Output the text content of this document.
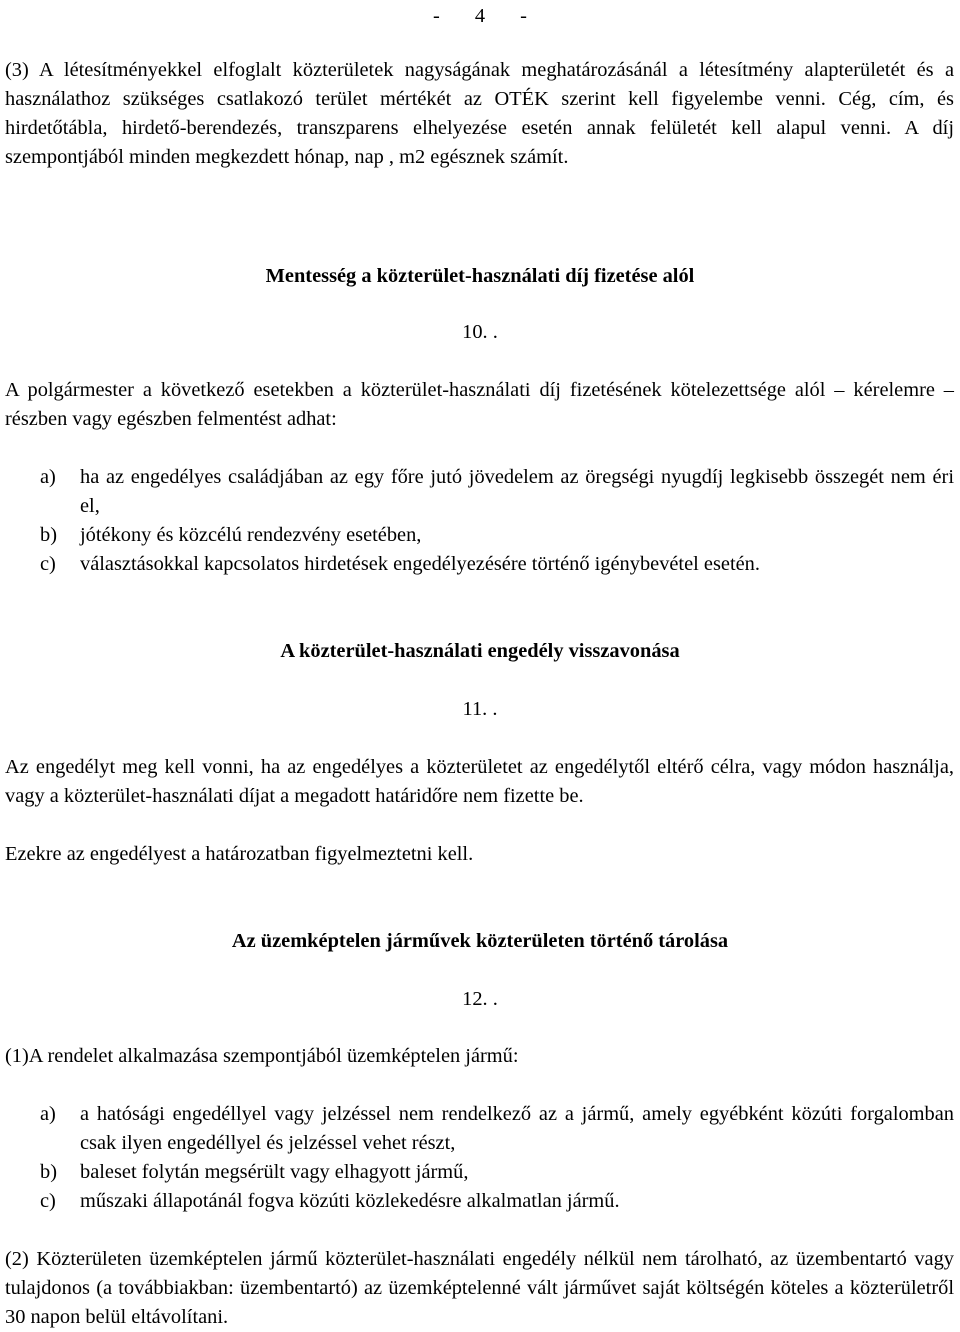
- 4 -

(3) A létesítményekkel elfoglalt közterületek nagyságának meghatározásánál a létesítmény alapterületét és a használathoz szükséges csatlakozó terület mértékét az OTÉK szerint kell figyelembe venni. Cég, cím, és hirdetőtábla, hirdető-berendezés, transzparens elhelyezése esetén annak felületét kell alapul venni. A díj szempontjából minden megkezdett hónap, nap , m2 egésznek számít.

Mentesség a közterület-használati díj fizetése alól

10. .

A polgármester a következő esetekben a közterület-használati díj fizetésének kötelezettsége alól – kérelemre – részben vagy egészben felmentést adhat:

a) ha az engedélyes családjában az egy főre jutó jövedelem az öregségi nyugdíj legkisebb összegét nem éri el,
b) jótékony és közcélú rendezvény esetében,
c) választásokkal kapcsolatos hirdetések engedélyezésére történő igénybevétel esetén.

A közterület-használati engedély visszavonása

11. .

Az engedélyt meg kell vonni, ha az engedélyes a közterületet az engedélytől eltérő célra, vagy módon használja, vagy a közterület-használati díjat a megadott határidőre nem fizette be.

Ezekre az engedélyest a határozatban figyelmeztetni kell.

Az üzemképtelen járművek közterületen történő tárolása

12. .

(1)A rendelet alkalmazása szempontjából üzemképtelen jármű:

a) a hatósági engedéllyel vagy jelzéssel nem rendelkező az a jármű, amely egyébként közúti forgalomban csak ilyen engedéllyel és jelzéssel vehet részt,
b) baleset folytán megsérült vagy elhagyott jármű,
c) műszaki állapotánál fogva közúti közlekedésre alkalmatlan jármű.

(2) Közterületen üzemképtelen jármű közterület-használati engedély nélkül nem tárolható, az üzembentartó vagy tulajdonos (a továbbiakban: üzembentartó) az üzemképtelenné vált járművet saját költségén köteles a közterületről 30 napon belül eltávolítani.
